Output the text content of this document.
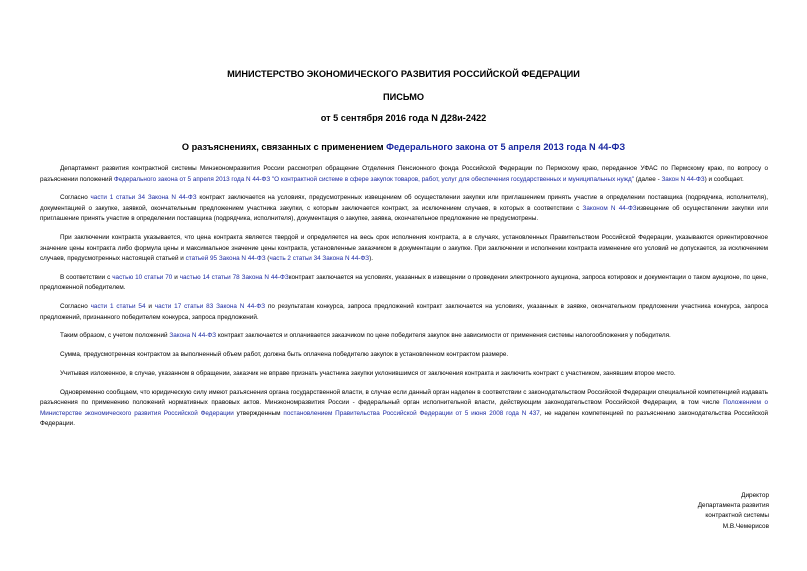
МИНИСТЕРСТВО ЭКОНОМИЧЕСКОГО РАЗВИТИЯ РОССИЙСКОЙ ФЕДЕРАЦИИ
ПИСЬМО
от 5 сентября 2016 года N Д28и-2422
О разъяснениях, связанных с применением Федерального закона от 5 апреля 2013 года N 44-ФЗ

Департамент развития контрактной системы Минэкономразвития России рассмотрел обращение Отделения Пенсионного фонда Российской Федерации по Пермскому краю, переданное УФАС по Пермскому краю, по вопросу о разъяснении положений Федерального закона от 5 апреля 2013 года N 44-ФЗ "О контрактной системе в сфере закупок товаров, работ, услуг для обеспечения государственных и муниципальных нужд" (далее - Закон N 44-ФЗ) и сообщает.

Согласно части 1 статьи 34 Закона N 44-ФЗ контракт заключается на условиях, предусмотренных извещением об осуществлении закупки или приглашением принять участие в определении поставщика (подрядчика, исполнителя), документацией о закупке, заявкой, окончательным предложением участника закупки, с которым заключается контракт, за исключением случаев, в которых в соответствии с Законом N 44-ФЗизвещение об осуществлении закупки или приглашение принять участие в определении поставщика (подрядчика, исполнителя), документация о закупке, заявка, окончательное предложение не предусмотрены.

При заключении контракта указывается, что цена контракта является твердой и определяется на весь срок исполнения контракта, а в случаях, установленных Правительством Российской Федерации, указываются ориентировочное значение цены контракта либо формула цены и максимальное значение цены контракта, установленные заказчиком в документации о закупке. При заключении и исполнении контракта изменение его условий не допускается, за исключением случаев, предусмотренных настоящей статьей и статьей 95 Закона N 44-ФЗ (часть 2 статьи 34 Закона N 44-ФЗ).

В соответствии с частью 10 статьи 70 и частью 14 статьи 78 Закона N 44-ФЗконтракт заключается на условиях, указанных в извещении о проведении электронного аукциона, запроса котировок и документации о таком аукционе, по цене, предложенной победителем.

Согласно части 1 статьи 54 и части 17 статьи 83 Закона N 44-ФЗ по результатам конкурса, запроса предложений контракт заключается на условиях, указанных в заявке, окончательном предложении участника конкурса, запроса предложений, признанного победителем конкурса, запроса предложений.

Таким образом, с учетом положений Закона N 44-ФЗ контракт заключается и оплачивается заказчиком по цене победителя закупок вне зависимости от применения системы налогообложения у победителя.

Сумма, предусмотренная контрактом за выполненный объем работ, должна быть оплачена победителю закупок в установленном контрактом размере.

Учитывая изложенное, в случае, указанном в обращении, заказчик не вправе признать участника закупки уклонившимся от заключения контракта и заключить контракт с участником, занявшим второе место.

Одновременно сообщаем, что юридическую силу имеют разъяснения органа государственной власти, в случае если данный орган наделен в соответствии с законодательством Российской Федерации специальной компетенцией издавать разъяснения по применению положений нормативных правовых актов. Минэкономразвития России - федеральный орган исполнительной власти, действующим законодательством Российской Федерации, в том числе Положением о Министерстве экономического развития Российской Федерации утвержденным постановлением Правительства Российской Федерации от 5 июня 2008 года N 437, не наделен компетенцией по разъяснению законодательства Российской Федерации.

Директор
Департамента развития
контрактной системы
М.В.Чемерисов
